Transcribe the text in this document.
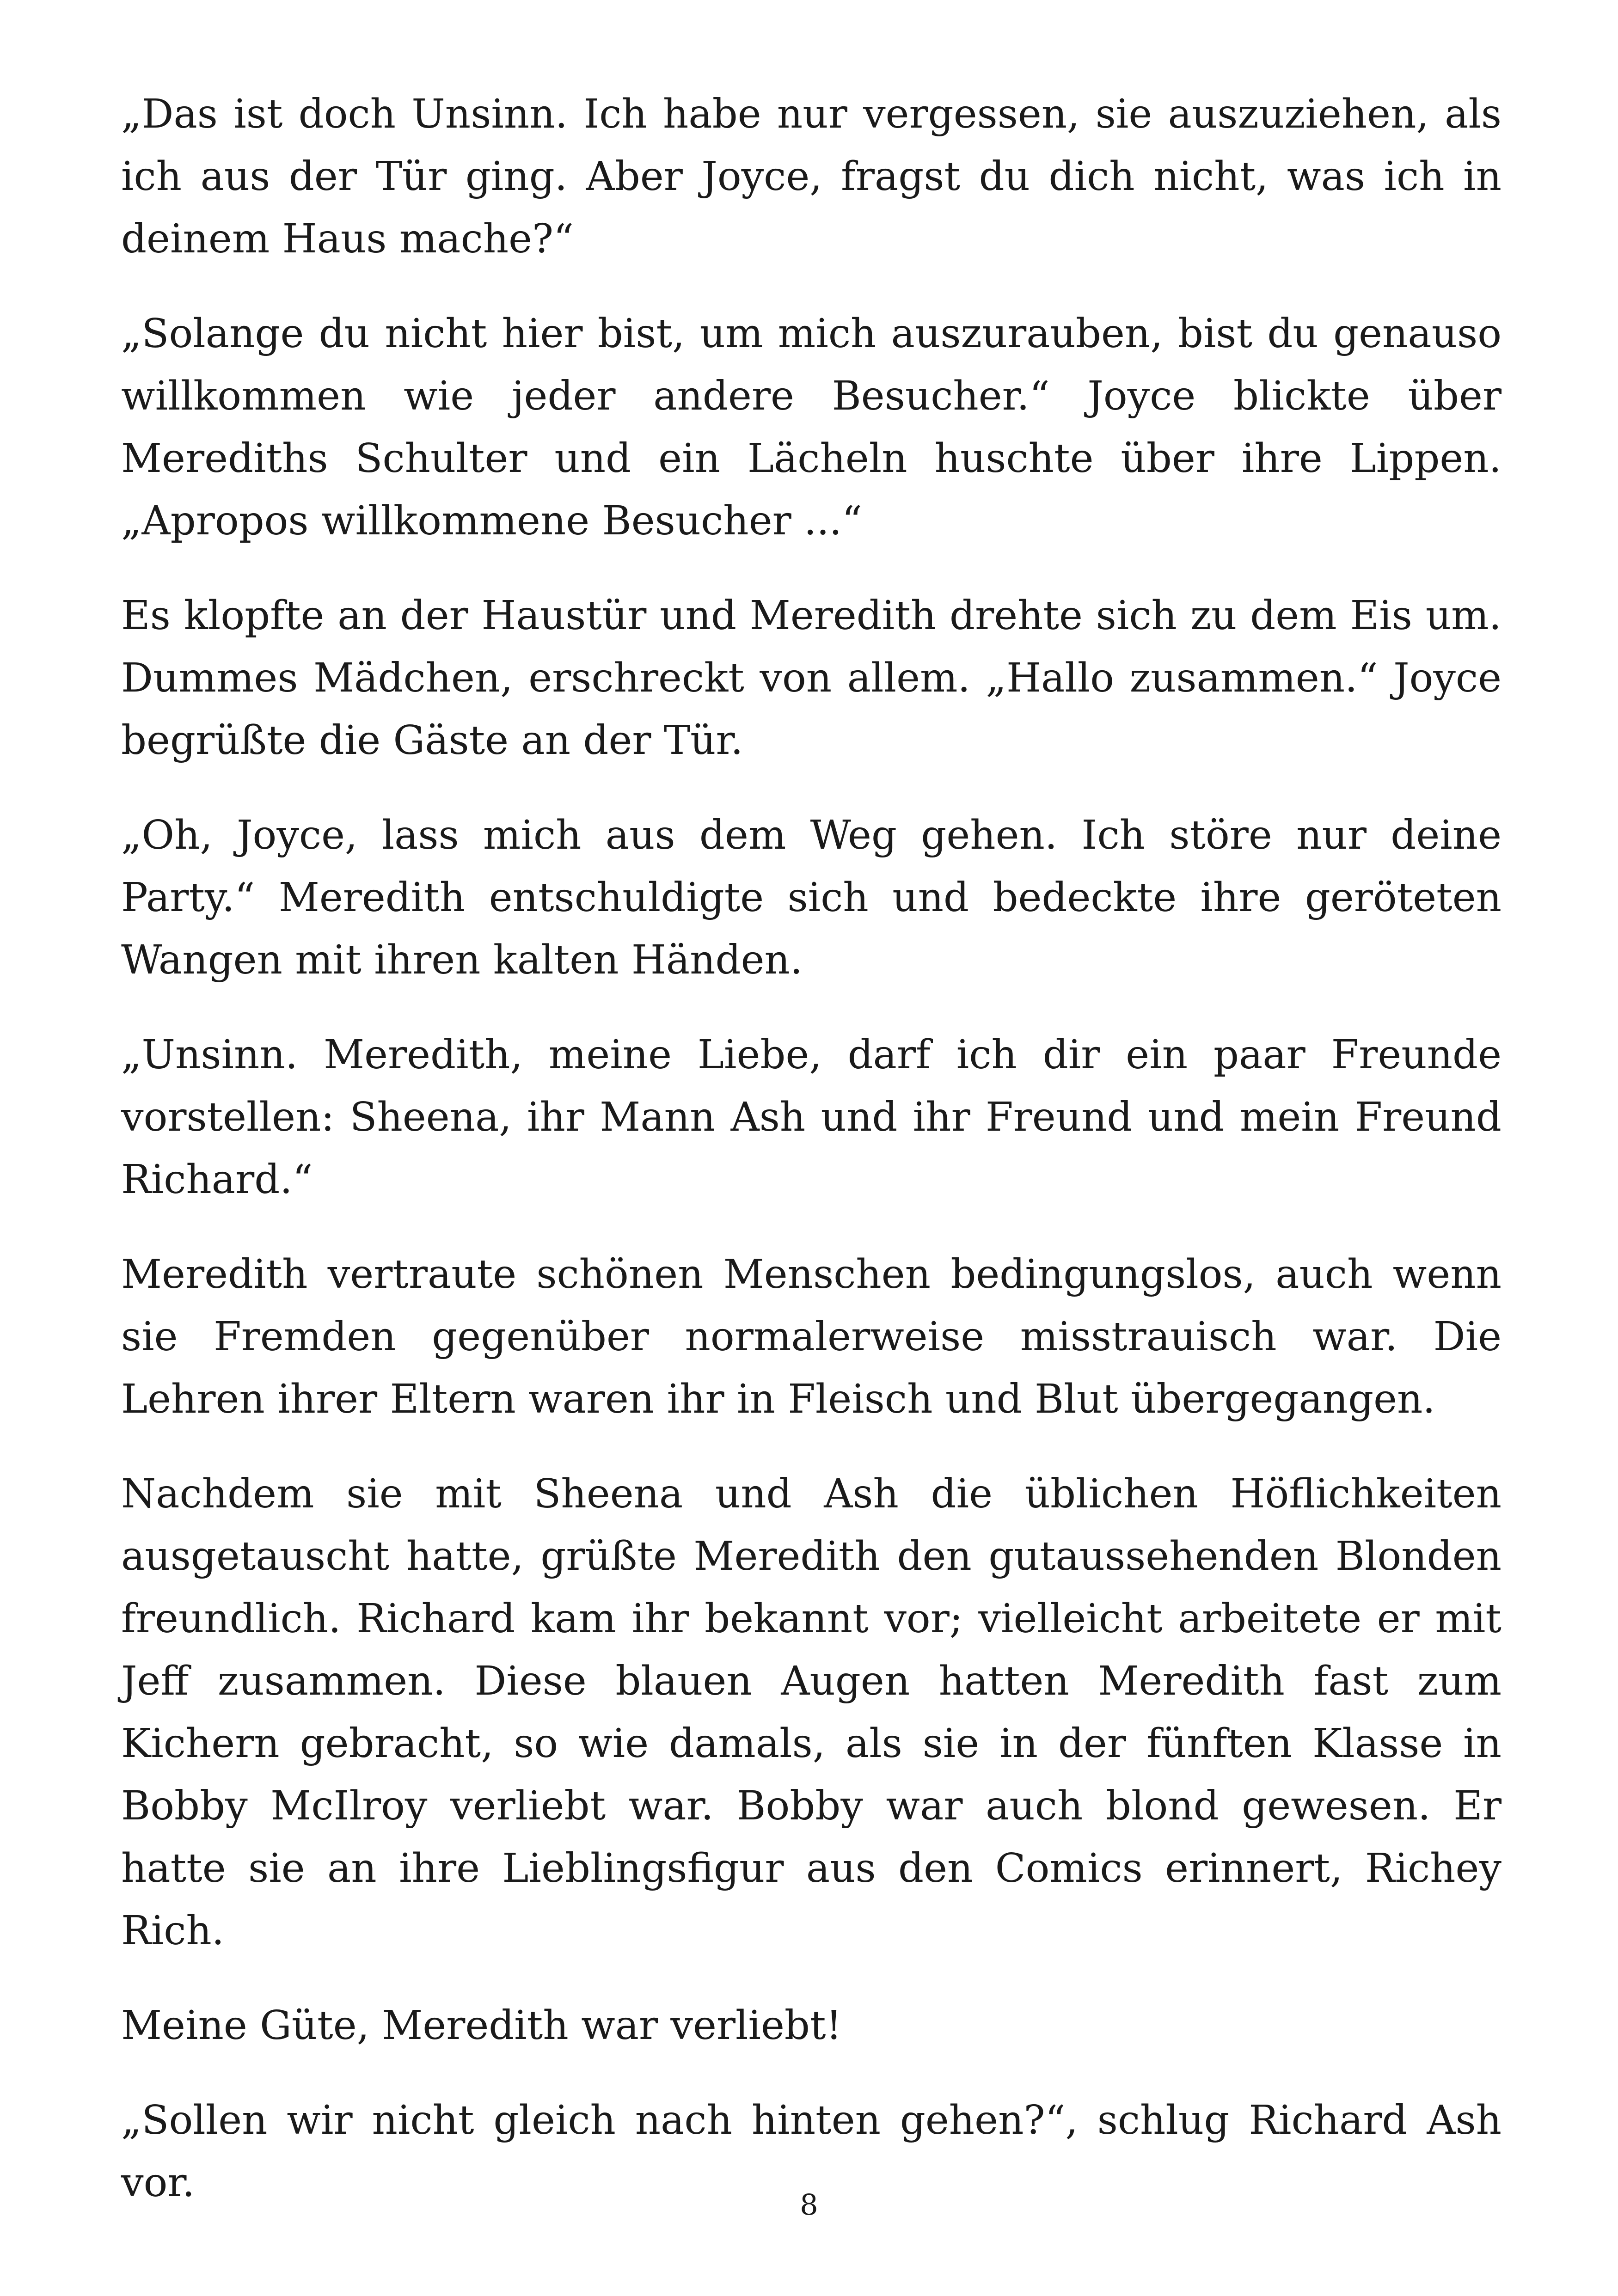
„Das ist doch Unsinn. Ich habe nur vergessen, sie auszuziehen, als ich aus der Tür ging. Aber Joyce, fragst du dich nicht, was ich in deinem Haus mache?“

„Solange du nicht hier bist, um mich auszurauben, bist du genauso willkommen wie jeder andere Besucher.“ Joyce blickte über Merediths Schulter und ein Lächeln huschte über ihre Lippen. „Apropos willkommene Besucher ...“

Es klopfte an der Haustür und Meredith drehte sich zu dem Eis um. Dummes Mädchen, erschreckt von allem. „Hallo zusammen.“ Joyce begrüßte die Gäste an der Tür.

„Oh, Joyce, lass mich aus dem Weg gehen. Ich störe nur deine Party.“ Meredith entschuldigte sich und bedeckte ihre geröteten Wangen mit ihren kalten Händen.

„Unsinn. Meredith, meine Liebe, darf ich dir ein paar Freunde vorstellen: Sheena, ihr Mann Ash und ihr Freund und mein Freund Richard.“

Meredith vertraute schönen Menschen bedingungslos, auch wenn sie Fremden gegenüber normalerweise misstrauisch war. Die Lehren ihrer Eltern waren ihr in Fleisch und Blut übergegangen.

Nachdem sie mit Sheena und Ash die üblichen Höflichkeiten ausgetauscht hatte, grüßte Meredith den gutaussehenden Blonden freundlich. Richard kam ihr bekannt vor; vielleicht arbeitete er mit Jeff zusammen. Diese blauen Augen hatten Meredith fast zum Kichern gebracht, so wie damals, als sie in der fünften Klasse in Bobby McIlroy verliebt war. Bobby war auch blond gewesen. Er hatte sie an ihre Lieblingsfigur aus den Comics erinnert, Richey Rich.

Meine Güte, Meredith war verliebt!

„Sollen wir nicht gleich nach hinten gehen?“, schlug Richard Ash vor.	8
